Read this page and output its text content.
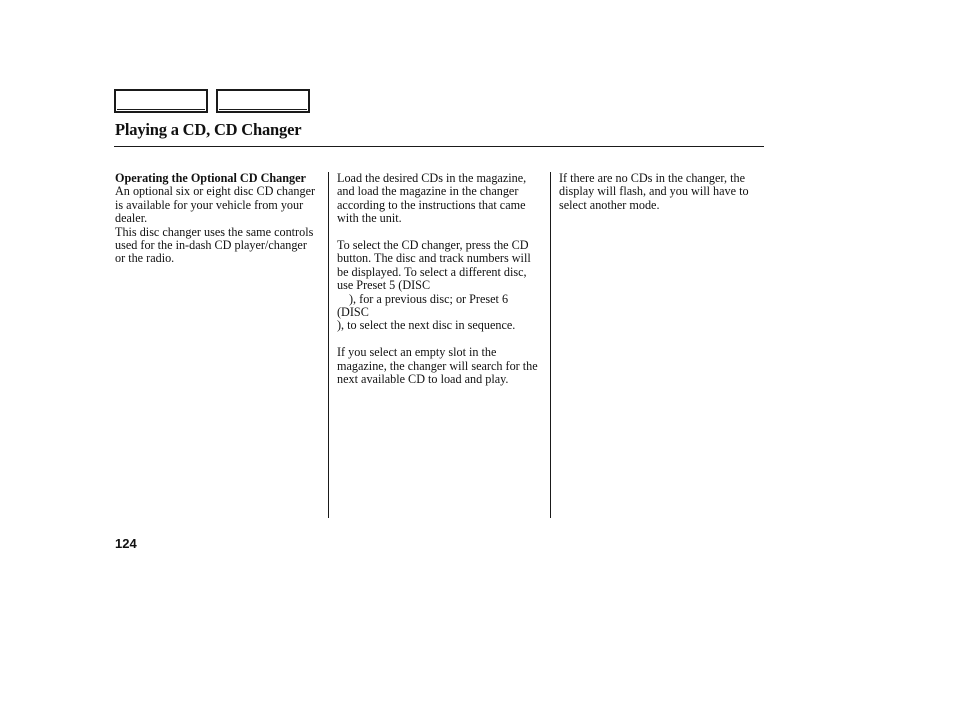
Playing a CD, CD Changer

Operating the Optional CD Changer

An optional six or eight disc CD changer is available for your vehicle from your dealer.

This disc changer uses the same controls used for the in-dash CD player/changer or the radio.

Load the desired CDs in the magazine, and load the magazine in the changer according to the instructions that came with the unit.

To select the CD changer, press the CD button. The disc and track numbers will be displayed. To select a different disc, use Preset 5 (DISC
), for a previous disc; or Preset 6 (DISC
), to select the next disc in sequence.

If you select an empty slot in the magazine, the changer will search for the next available CD to load and play.

If there are no CDs in the changer, the display will flash, and you will have to select another mode.

124
